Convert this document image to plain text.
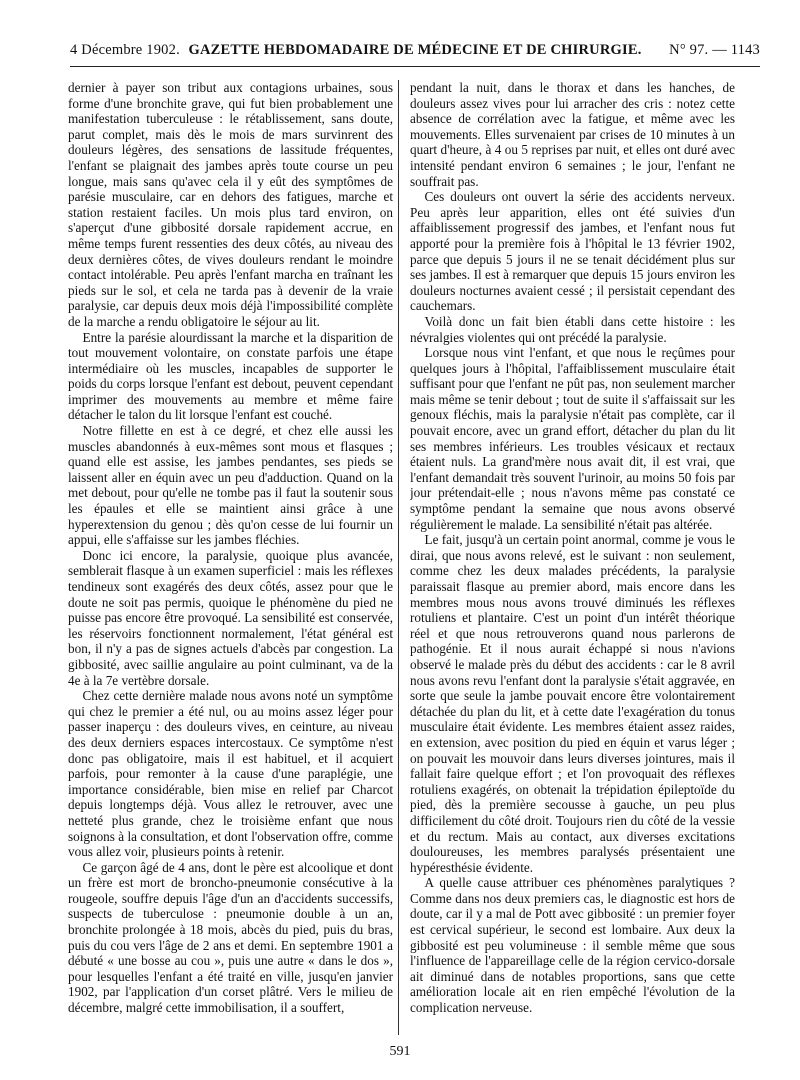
4 Décembre 1902. GAZETTE HEBDOMADAIRE DE MÉDECINE ET DE CHIRURGIE.	N° 97. — 1143

dernier à payer son tribut aux contagions urbaines, sous forme d'une bronchite grave, qui fut bien probablement une manifestation tuberculeuse : le rétablissement, sans doute, parut complet, mais dès le mois de mars survinrent des douleurs légères, des sensations de lassitude fréquentes, l'enfant se plaignait des jambes après toute course un peu longue, mais sans qu'avec cela il y eût des symptômes de parésie musculaire, car en dehors des fatigues, marche et station restaient faciles. Un mois plus tard environ, on s'aperçut d'une gibbosité dorsale rapidement accrue, en même temps furent ressenties des deux côtés, au niveau des deux dernières côtes, de vives douleurs rendant le moindre contact intolérable. Peu après l'enfant marcha en traînant les pieds sur le sol, et cela ne tarda pas à devenir de la vraie paralysie, car depuis deux mois déjà l'impossibilité complète de la marche a rendu obligatoire le séjour au lit.

Entre la parésie alourdissant la marche et la disparition de tout mouvement volontaire, on constate parfois une étape intermédiaire où les muscles, incapables de supporter le poids du corps lorsque l'enfant est debout, peuvent cependant imprimer des mouvements au membre et même faire détacher le talon du lit lorsque l'enfant est couché.

Notre fillette en est à ce degré, et chez elle aussi les muscles abandonnés à eux-mêmes sont mous et flasques ; quand elle est assise, les jambes pendantes, ses pieds se laissent aller en équin avec un peu d'adduction. Quand on la met debout, pour qu'elle ne tombe pas il faut la soutenir sous les épaules et elle se maintient ainsi grâce à une hyperextension du genou ; dès qu'on cesse de lui fournir un appui, elle s'affaisse sur les jambes fléchies.

Donc ici encore, la paralysie, quoique plus avancée, semblerait flasque à un examen superficiel : mais les réflexes tendineux sont exagérés des deux côtés, assez pour que le doute ne soit pas permis, quoique le phénomène du pied ne puisse pas encore être provoqué. La sensibilité est conservée, les réservoirs fonctionnent normalement, l'état général est bon, il n'y a pas de signes actuels d'abcès par congestion. La gibbosité, avec saillie angulaire au point culminant, va de la 4e à la 7e vertèbre dorsale.

Chez cette dernière malade nous avons noté un symptôme qui chez le premier a été nul, ou au moins assez léger pour passer inaperçu : des douleurs vives, en ceinture, au niveau des deux derniers espaces intercostaux. Ce symptôme n'est donc pas obligatoire, mais il est habituel, et il acquiert parfois, pour remonter à la cause d'une paraplégie, une importance considérable, bien mise en relief par Charcot depuis longtemps déjà. Vous allez le retrouver, avec une netteté plus grande, chez le troisième enfant que nous soignons à la consultation, et dont l'observation offre, comme vous allez voir, plusieurs points à retenir.

Ce garçon âgé de 4 ans, dont le père est alcoolique et dont un frère est mort de broncho-pneumonie consécutive à la rougeole, souffre depuis l'âge d'un an d'accidents successifs, suspects de tuberculose : pneumonie double à un an, bronchite prolongée à 18 mois, abcès du pied, puis du bras, puis du cou vers l'âge de 2 ans et demi. En septembre 1901 a débuté « une bosse au cou », puis une autre « dans le dos », pour lesquelles l'enfant a été traité en ville, jusqu'en janvier 1902, par l'application d'un corset plâtré. Vers le milieu de décembre, malgré cette immobilisation, il a souffert,

pendant la nuit, dans le thorax et dans les hanches, de douleurs assez vives pour lui arracher des cris : notez cette absence de corrélation avec la fatigue, et même avec les mouvements. Elles survenaient par crises de 10 minutes à un quart d'heure, à 4 ou 5 reprises par nuit, et elles ont duré avec intensité pendant environ 6 semaines ; le jour, l'enfant ne souffrait pas.

Ces douleurs ont ouvert la série des accidents nerveux. Peu après leur apparition, elles ont été suivies d'un affaiblissement progressif des jambes, et l'enfant nous fut apporté pour la première fois à l'hôpital le 13 février 1902, parce que depuis 5 jours il ne se tenait décidément plus sur ses jambes. Il est à remarquer que depuis 15 jours environ les douleurs nocturnes avaient cessé ; il persistait cependant des cauchemars.

Voilà donc un fait bien établi dans cette histoire : les névralgies violentes qui ont précédé la paralysie.

Lorsque nous vint l'enfant, et que nous le reçûmes pour quelques jours à l'hôpital, l'affaiblissement musculaire était suffisant pour que l'enfant ne pût pas, non seulement marcher mais même se tenir debout ; tout de suite il s'affaissait sur les genoux fléchis, mais la paralysie n'était pas complète, car il pouvait encore, avec un grand effort, détacher du plan du lit ses membres inférieurs. Les troubles vésicaux et rectaux étaient nuls. La grand'mère nous avait dit, il est vrai, que l'enfant demandait très souvent l'urinoir, au moins 50 fois par jour prétendait-elle ; nous n'avons même pas constaté ce symptôme pendant la semaine que nous avons observé régulièrement le malade. La sensibilité n'était pas altérée.

Le fait, jusqu'à un certain point anormal, comme je vous le dirai, que nous avons relevé, est le suivant : non seulement, comme chez les deux malades précédents, la paralysie paraissait flasque au premier abord, mais encore dans les membres mous nous avons trouvé diminués les réflexes rotuliens et plantaire. C'est un point d'un intérêt théorique réel et que nous retrouverons quand nous parlerons de pathogénie. Et il nous aurait échappé si nous n'avions observé le malade près du début des accidents : car le 8 avril nous avons revu l'enfant dont la paralysie s'était aggravée, en sorte que seule la jambe pouvait encore être volontairement détachée du plan du lit, et à cette date l'exagération du tonus musculaire était évidente. Les membres étaient assez raides, en extension, avec position du pied en équin et varus léger ; on pouvait les mouvoir dans leurs diverses jointures, mais il fallait faire quelque effort ; et l'on provoquait des réflexes rotuliens exagérés, on obtenait la trépidation épileptoïde du pied, dès la première secousse à gauche, un peu plus difficilement du côté droit. Toujours rien du côté de la vessie et du rectum. Mais au contact, aux diverses excitations douloureuses, les membres paralysés présentaient une hypéresthésie évidente.

A quelle cause attribuer ces phénomènes paralytiques ? Comme dans nos deux premiers cas, le diagnostic est hors de doute, car il y a mal de Pott avec gibbosité : un premier foyer est cervical supérieur, le second est lombaire. Aux deux la gibbosité est peu volumineuse : il semble même que sous l'influence de l'appareillage celle de la région cervico-dorsale ait diminué dans de notables proportions, sans que cette amélioration locale ait en rien empêché l'évolution de la complication nerveuse.

591
